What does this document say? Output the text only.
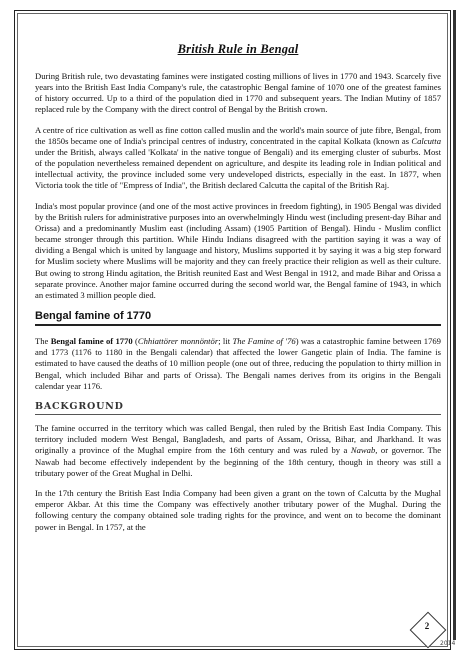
British Rule in Bengal

During British rule, two devastating famines were instigated costing millions of lives in 1770 and 1943. Scarcely five years into the British East India Company's rule, the catastrophic Bengal famine of 1070 one of the greatest famines of history occurred. Up to a third of the population died in 1770 and subsequent years. The Indian Mutiny of 1857 replaced rule by the Company with the direct control of Bengal by the British crown.

A centre of rice cultivation as well as fine cotton called muslin and the world's main source of jute fibre, Bengal, from the 1850s became one of India's principal centres of industry, concentrated in the capital Kolkata (known as Calcutta under the British, always called 'Kolkata' in the native tongue of Bengali) and its emerging cluster of suburbs. Most of the population nevertheless remained dependent on agriculture, and despite its leading role in Indian political and intellectual activity, the province included some very undeveloped districts, especially in the east. In 1877, when Victoria took the title of "Empress of India", the British declared Calcutta the capital of the British Raj.

India's most popular province (and one of the most active provinces in freedom fighting), in 1905 Bengal was divided by the British rulers for administrative purposes into an overwhelmingly Hindu west (including present-day Bihar and Orissa) and a predominantly Muslim east (including Assam) (1905 Partition of Bengal). Hindu - Muslim conflict became stronger through this partition. While Hindu Indians disagreed with the partition saying it was a way of dividing a Bengal which is united by language and history, Muslims supported it by saying it was a big step forward for Muslim society where Muslims will be majority and they can freely practice their religion as well as their culture. But owing to strong Hindu agitation, the British reunited East and West Bengal in 1912, and made Bihar and Orissa a separate province. Another major famine occurred during the second world war, the Bengal famine of 1943, in which an estimated 3 million people died.

Bengal famine of 1770

The Bengal famine of 1770 (Chhiattörer monnöntör; lit The Famine of '76) was a catastrophic famine between 1769 and 1773 (1176 to 1180 in the Bengali calendar) that affected the lower Gangetic plain of India. The famine is estimated to have caused the deaths of 10 million people (one out of three, reducing the population to thirty million in Bengal, which included Bihar and parts of Orissa). The Bengali names derives from its origins in the Bengali calendar year 1176.

BACKGROUND

The famine occurred in the territory which was called Bengal, then ruled by the British East India Company. This territory included modern West Bengal, Bangladesh, and parts of Assam, Orissa, Bihar, and Jharkhand. It was originally a province of the Mughal empire from the 16th century and was ruled by a Nawab, or governor. The Nawab had become effectively independent by the beginning of the 18th century, though in theory was still a tributary power of the Great Mughal in Delhi.

In the 17th century the British East India Company had been given a grant on the town of Calcutta by the Mughal emperor Akbar. At this time the Company was effectively another tributary power of the Mughal. During the following century the company obtained sole trading rights for the province, and went on to become the dominant power in Bengal. In 1757, at the

2
2014
